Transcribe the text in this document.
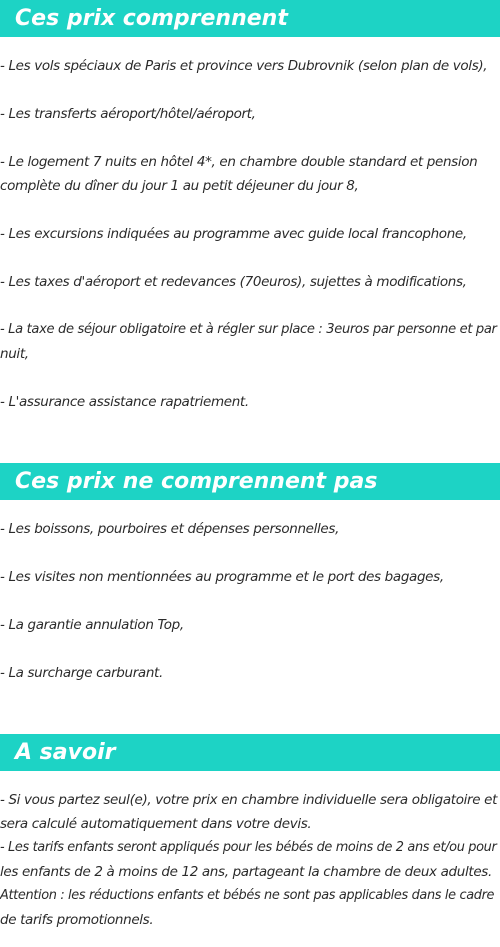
Ces prix comprennent

- Les vols spéciaux de Paris et province vers Dubrovnik (selon plan de vols),

- Les transferts aéroport/hôtel/aéroport,

- Le logement 7 nuits en hôtel 4*, en chambre double standard et pension

complète du dîner du jour 1 au petit déjeuner du jour 8,

- Les excursions indiquées au programme avec guide local francophone,

- Les taxes d'aéroport et redevances (70euros), sujettes à modifications,

- La taxe de séjour obligatoire et à régler sur place : 3euros par personne et par

nuit,

- L'assurance assistance rapatriement.

Ces prix ne comprennent pas

- Les boissons, pourboires et dépenses personnelles,

- Les visites non mentionnées au programme et le port des bagages,

- La garantie annulation Top,

- La surcharge carburant.

A savoir
- Si vous partez seul(e), votre prix en chambre individuelle sera obligatoire et
sera calculé automatiquement dans votre devis.
- Les tarifs enfants seront appliqués pour les bébés de moins de 2 ans et/ou pour
les enfants de 2 à moins de 12 ans, partageant la chambre de deux adultes.
Attention : les réductions enfants et bébés ne sont pas applicables dans le cadre
de tarifs promotionnels.
